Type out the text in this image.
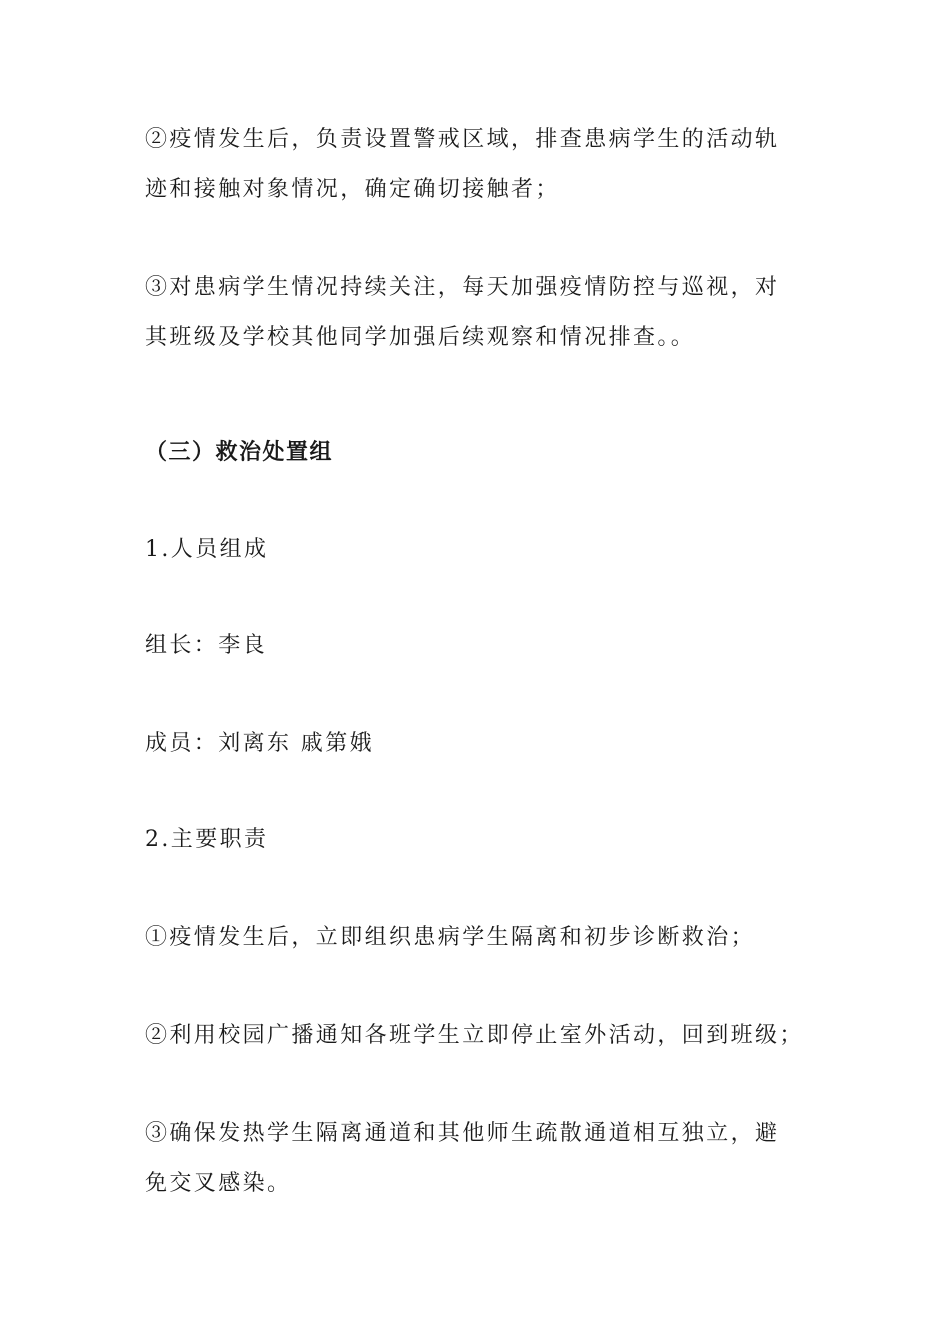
②疫情发生后，负责设置警戒区域，排查患病学生的活动轨迹和接触对象情况，确定确切接触者；

③对患病学生情况持续关注，每天加强疫情防控与巡视，对其班级及学校其他同学加强后续观察和情况排查。。

（三）救治处置组

1.人员组成

组长：李良

成员：刘离东 戚第娥

2.主要职责

①疫情发生后，立即组织患病学生隔离和初步诊断救治；

②利用校园广播通知各班学生立即停止室外活动，回到班级；

③确保发热学生隔离通道和其他师生疏散通道相互独立，避免交叉感染。
